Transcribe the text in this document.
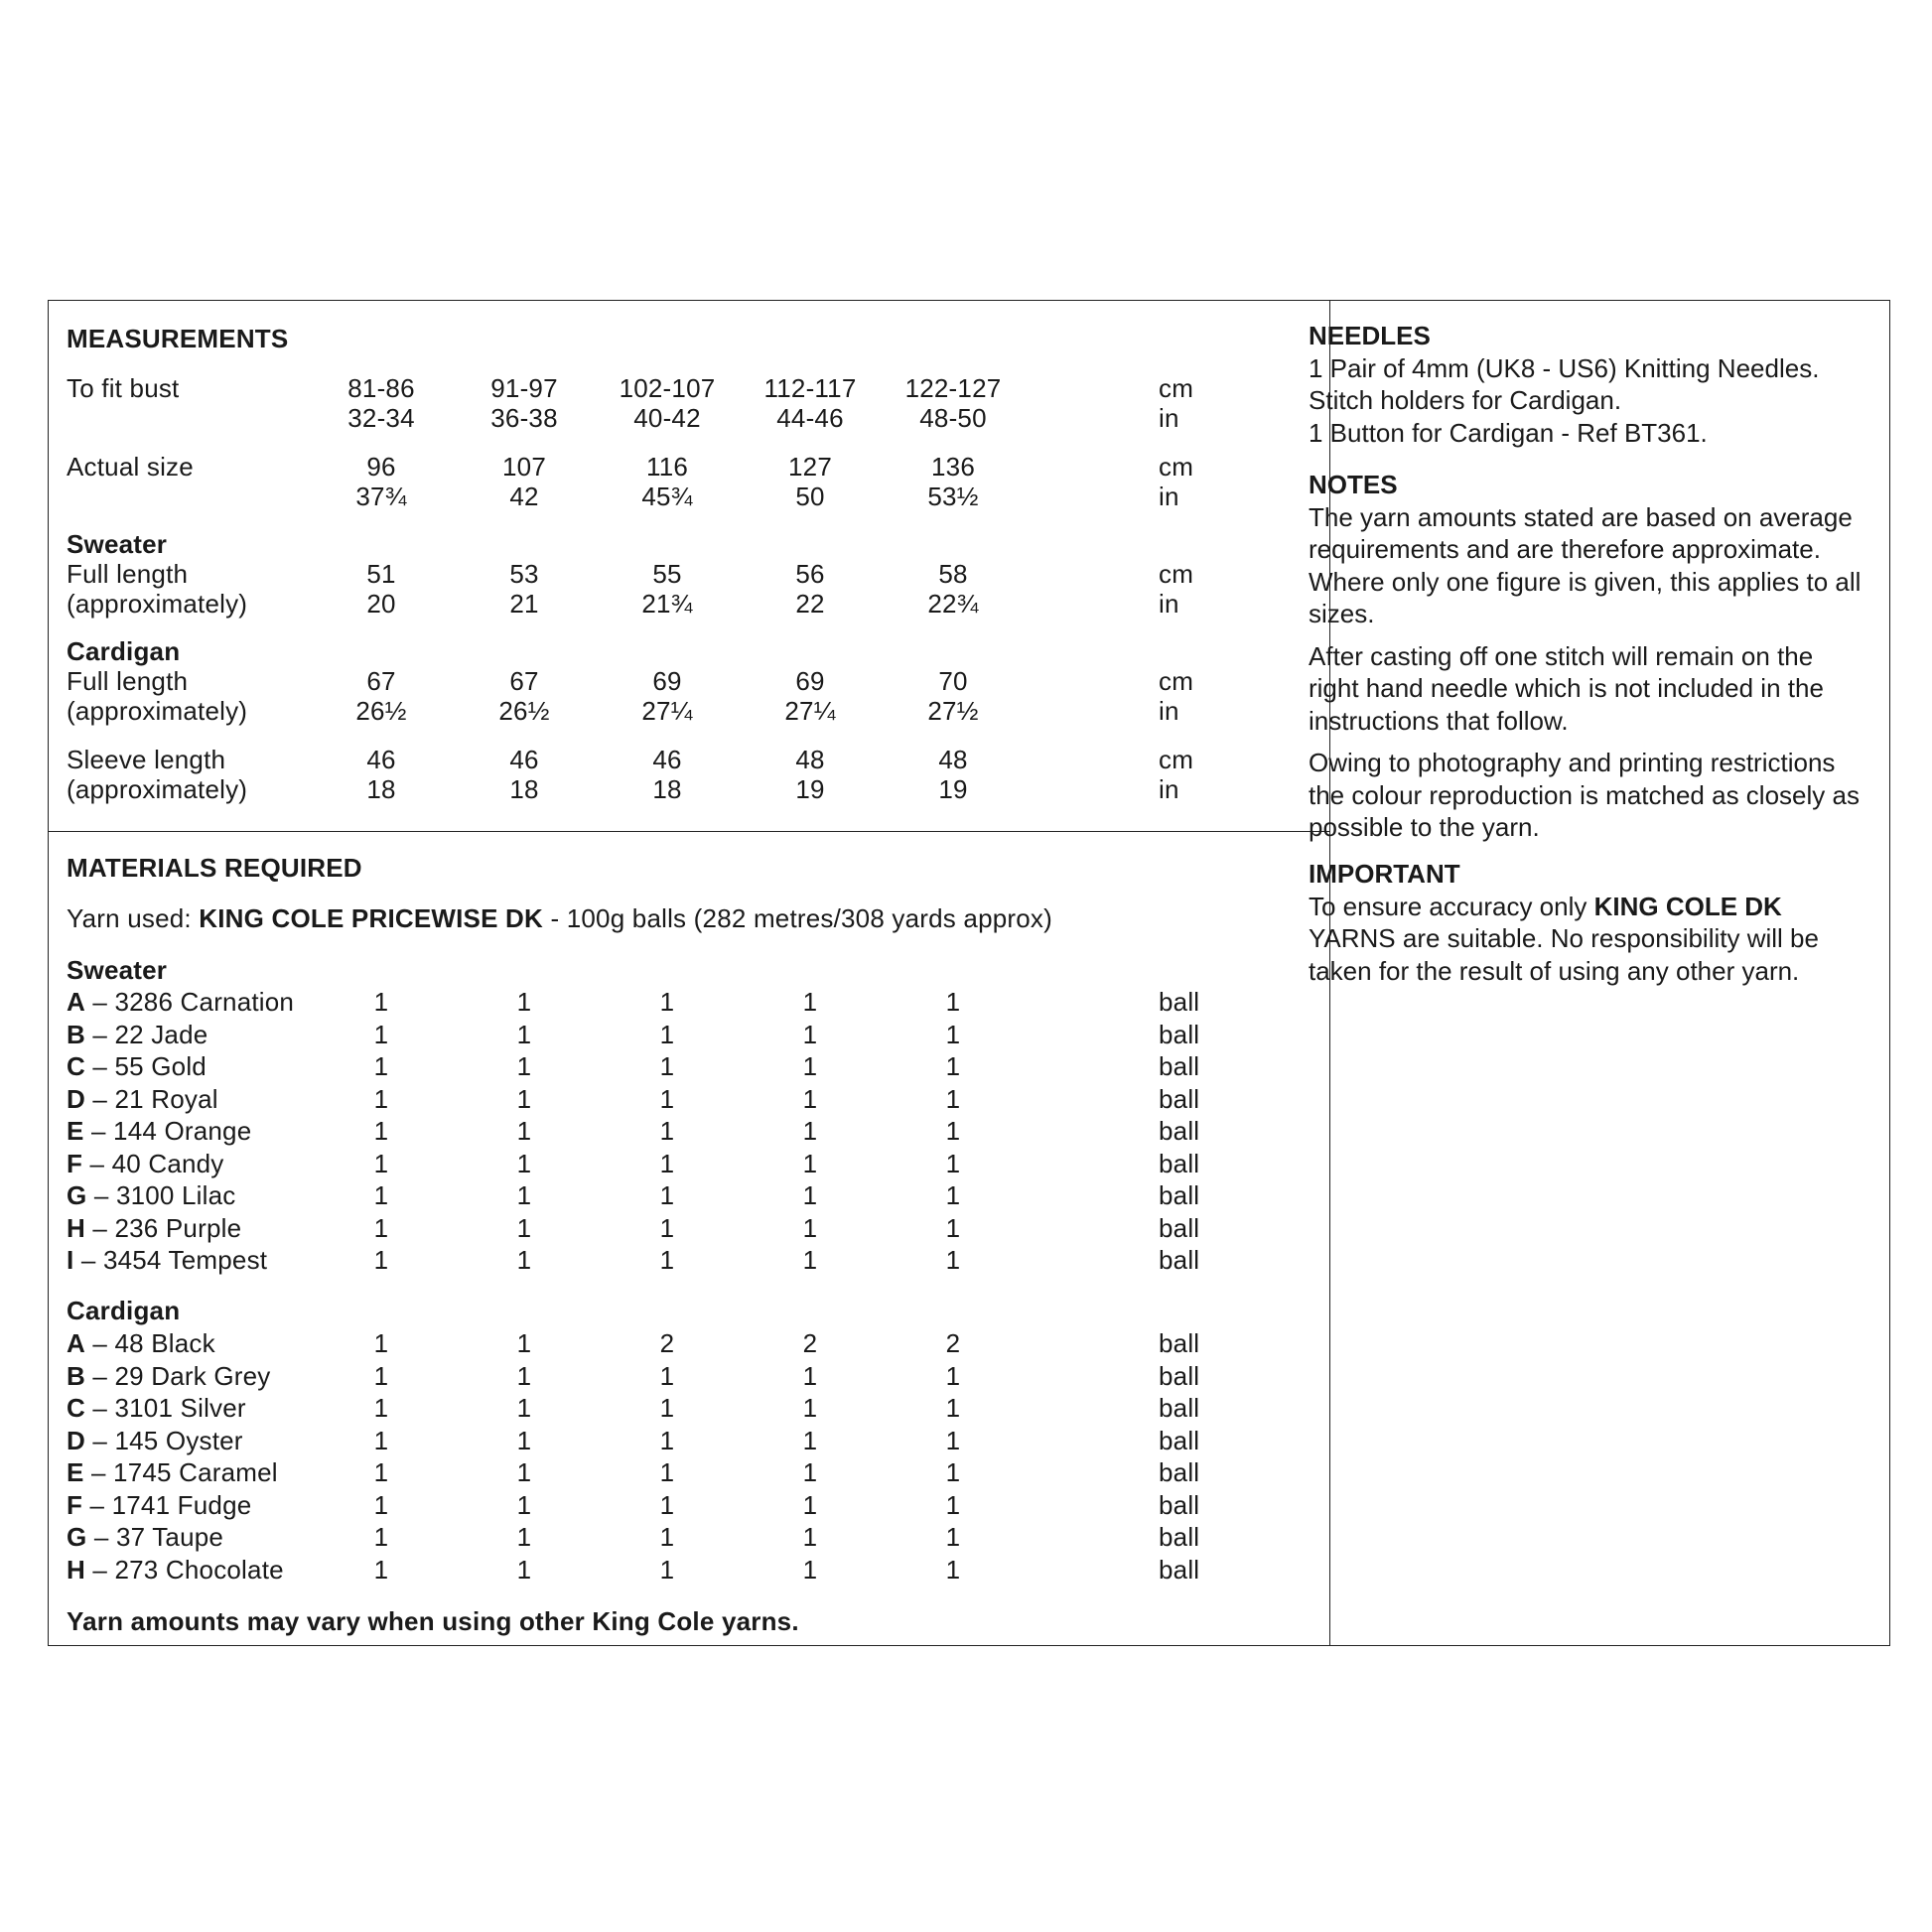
MEASUREMENTS
To fit bust	81-86	91-97	102-107	112-117	122-127	cm
32-34	36-38	40-42	44-46	48-50	in
Actual size	96	107	116	127	136	cm
37¾	42	45¾	50	53½	in
Sweater
Full length	51	53	55	56	58	cm
(approximately)	20	21	21¾	22	22¾	in
Cardigan
Full length	67	67	69	69	70	cm
(approximately)	26½	26½	27¼	27¼	27½	in
Sleeve length	46	46	46	48	48	cm
(approximately)	18	18	18	19	19	in
MATERIALS REQUIRED
Yarn used: KING COLE PRICEWISE DK - 100g balls (282 metres/308 yards approx)
Sweater
A – 3286 Carnation	1	1	1	1	1	ball
B – 22 Jade	1	1	1	1	1	ball
C – 55 Gold	1	1	1	1	1	ball
D – 21 Royal	1	1	1	1	1	ball
E – 144 Orange	1	1	1	1	1	ball
F – 40 Candy	1	1	1	1	1	ball
G – 3100 Lilac	1	1	1	1	1	ball
H – 236 Purple	1	1	1	1	1	ball
I – 3454 Tempest	1	1	1	1	1	ball
Cardigan
A – 48 Black	1	1	2	2	2	ball
B – 29 Dark Grey	1	1	1	1	1	ball
C – 3101 Silver	1	1	1	1	1	ball
D – 145 Oyster	1	1	1	1	1	ball
E – 1745 Caramel	1	1	1	1	1	ball
F – 1741 Fudge	1	1	1	1	1	ball
G – 37 Taupe	1	1	1	1	1	ball
H – 273 Chocolate	1	1	1	1	1	ball
Yarn amounts may vary when using other King Cole yarns.

NEEDLES

1 Pair of 4mm (UK8 - US6) Knitting Needles.

Stitch holders for Cardigan.

1 Button for Cardigan - Ref BT361.

NOTES

The yarn amounts stated are based on average requirements and are therefore approximate. Where only one figure is given, this applies to all sizes.

After casting off one stitch will remain on the right hand needle which is not included in the instructions that follow.

Owing to photography and printing restrictions the colour reproduction is matched as closely as possible to the yarn.

IMPORTANT

To ensure accuracy only KING COLE DK YARNS are suitable. No responsibility will be taken for the result of using any other yarn.
